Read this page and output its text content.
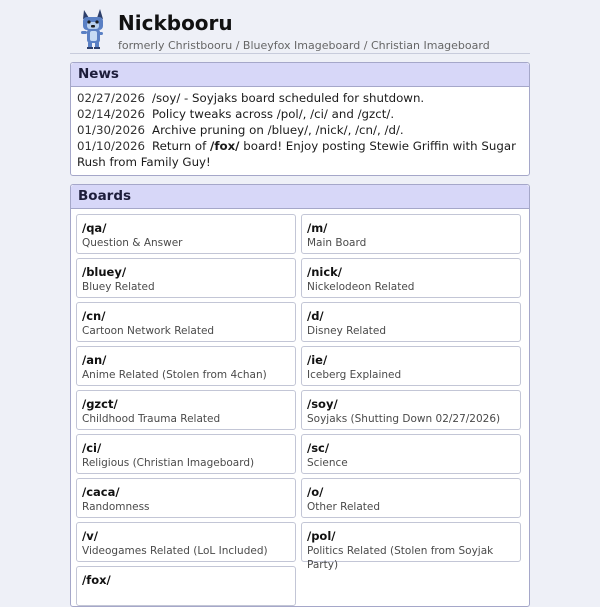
Nickbooru
formerly Christbooru / Blueyfox Imageboard / Christian Imageboard
News
02/27/2026 /soy/ - Soyjaks board scheduled for shutdown.
02/14/2026 Policy tweaks across /pol/, /ci/ and /gzct/.
01/30/2026 Archive pruning on /bluey/, /nick/, /cn/, /d/.
01/10/2026 Return of /fox/ board! Enjoy posting Stewie Griffin with Sugar Rush from Family Guy!
Boards
/qa/
Question & Answer
/m/
Main Board
/bluey/
Bluey Related
/nick/
Nickelodeon Related
/cn/
Cartoon Network Related
/d/
Disney Related
/an/
Anime Related (Stolen from 4chan)
/ie/
Iceberg Explained
/gzct/
Childhood Trauma Related
/soy/
Soyjaks (Shutting Down 02/27/2026)
/ci/
Religious (Christian Imageboard)
/sc/
Science
/caca/
Randomness
/o/
Other Related
/v/
Videogames Related (LoL Included)
/pol/
Politics Related (Stolen from Soyjak Party)
/fox/
